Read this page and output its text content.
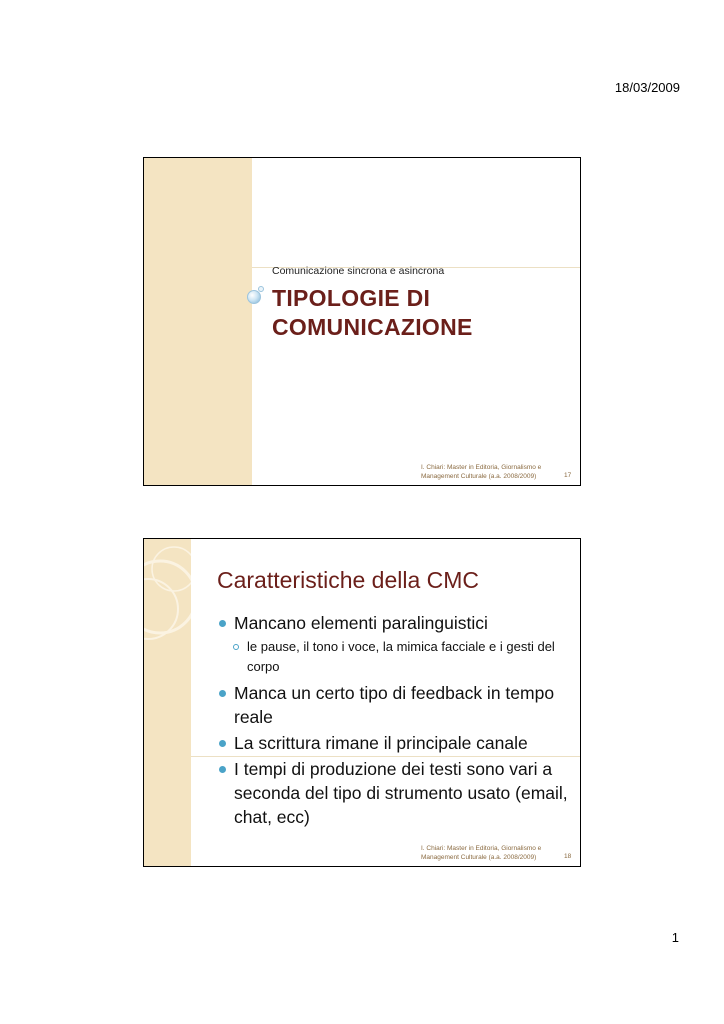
18/03/2009
Comunicazione sincrona e asincrona
TIPOLOGIE DI
COMUNICAZIONE
I. Chiari: Master in Editoria, Giornalismo e
Management Culturale (a.a. 2008/2009)	17
Caratteristiche della CMC
Mancano elementi paralinguistici
le pause, il tono i voce, la mimica facciale e i gesti del corpo
Manca un certo tipo di feedback in tempo reale
La scrittura rimane il principale canale
I tempi di produzione dei testi sono vari a seconda del tipo di strumento usato (email, chat, ecc)
I. Chiari: Master in Editoria, Giornalismo e
Management Culturale (a.a. 2008/2009)	18
1
